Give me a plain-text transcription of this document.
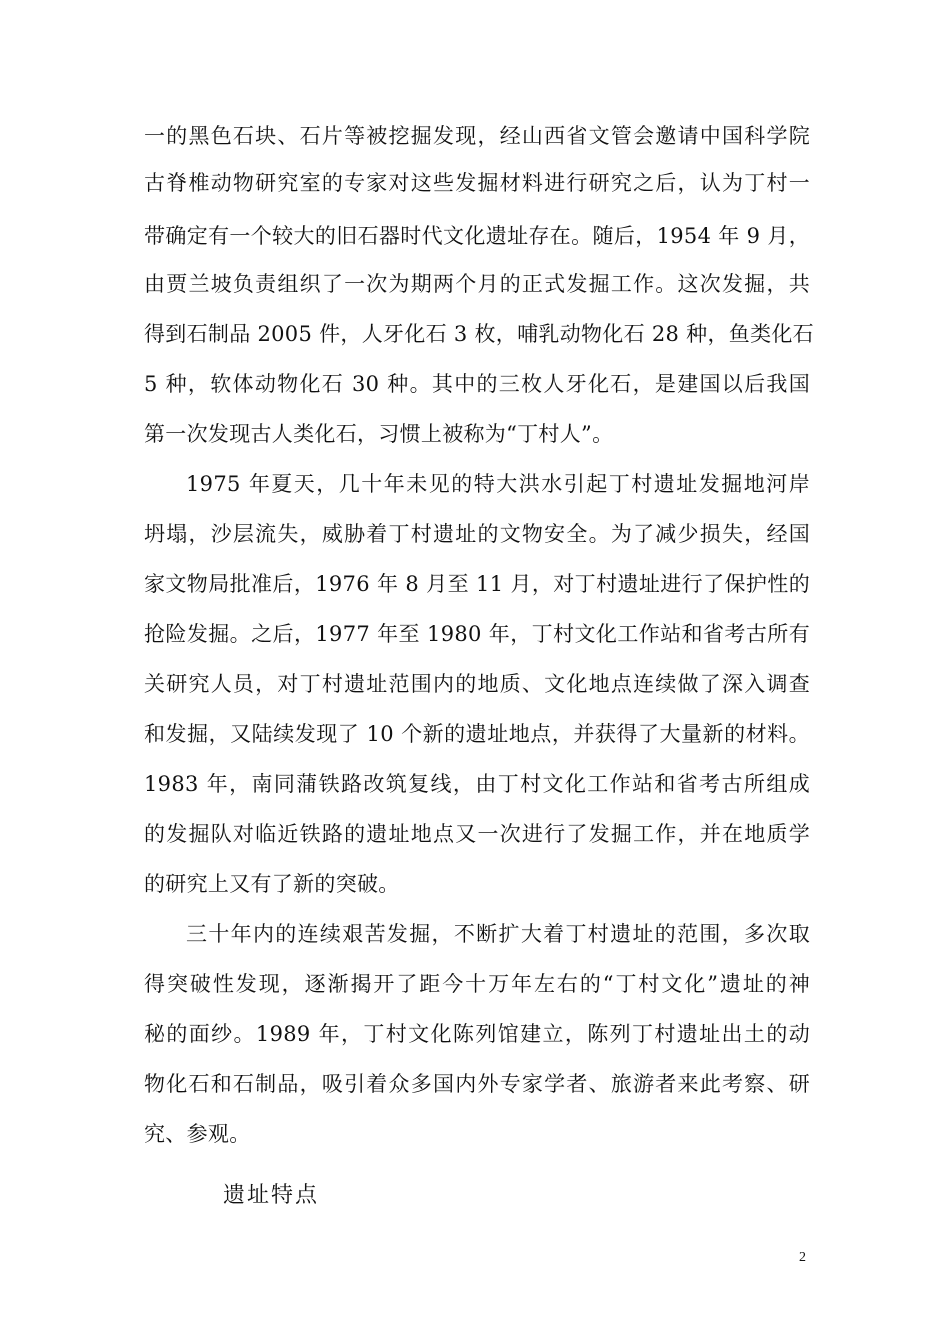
一的黑色石块、石片等被挖掘发现，经山西省文管会邀请中国科学院
古脊椎动物研究室的专家对这些发掘材料进行研究之后，认为丁村一
带确定有一个较大的旧石器时代文化遗址存在。随后，1954 年 9 月，
由贾兰坡负责组织了一次为期两个月的正式发掘工作。这次发掘，共
得到石制品 2005 件，人牙化石 3 枚，哺乳动物化石 28 种，鱼类化石
5 种，软体动物化石 30 种。其中的三枚人牙化石，是建国以后我国
第一次发现古人类化石，习惯上被称为“丁村人”。
1975 年夏天，几十年未见的特大洪水引起丁村遗址发掘地河岸
坍塌，沙层流失，威胁着丁村遗址的文物安全。为了减少损失，经国
家文物局批准后，1976 年 8 月至 11 月，对丁村遗址进行了保护性的
抢险发掘。之后，1977 年至 1980 年，丁村文化工作站和省考古所有
关研究人员，对丁村遗址范围内的地质、文化地点连续做了深入调查
和发掘，又陆续发现了 10 个新的遗址地点，并获得了大量新的材料。
1983 年，南同蒲铁路改筑复线，由丁村文化工作站和省考古所组成
的发掘队对临近铁路的遗址地点又一次进行了发掘工作，并在地质学
的研究上又有了新的突破。
三十年内的连续艰苦发掘，不断扩大着丁村遗址的范围，多次取
得突破性发现，逐渐揭开了距今十万年左右的“丁村文化”遗址的神
秘的面纱。1989 年，丁村文化陈列馆建立，陈列丁村遗址出土的动
物化石和石制品，吸引着众多国内外专家学者、旅游者来此考察、研
究、参观。
遗址特点
2
